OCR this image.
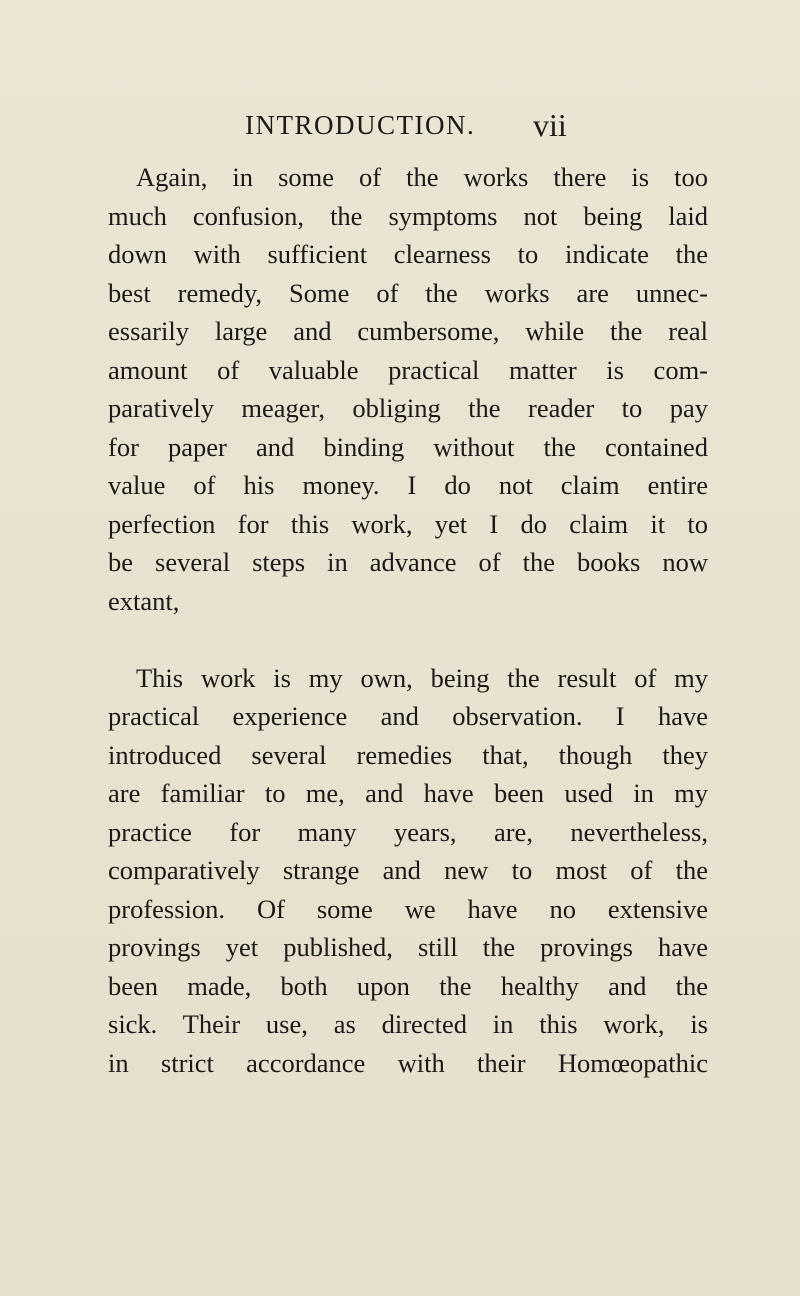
INTRODUCTION. vii
Again, in some of the works there is too
much confusion, the symptoms not being laid
down with sufficient clearness to indicate the
best remedy, Some of the works are unnec-
essarily large and cumbersome, while the real
amount of valuable practical matter is com-
paratively meager, obliging the reader to pay
for paper and binding without the contained
value of his money. I do not claim entire
perfection for this work, yet I do claim it to
be several steps in advance of the books now
extant,
This work is my own, being the result of my
practical experience and observation. I have
introduced several remedies that, though they
are familiar to me, and have been used in my
practice for many years, are, nevertheless,
comparatively strange and new to most of the
profession. Of some we have no extensive
provings yet published, still the provings have
been made, both upon the healthy and the
sick. Their use, as directed in this work, is
in strict accordance with their Homœopathic
